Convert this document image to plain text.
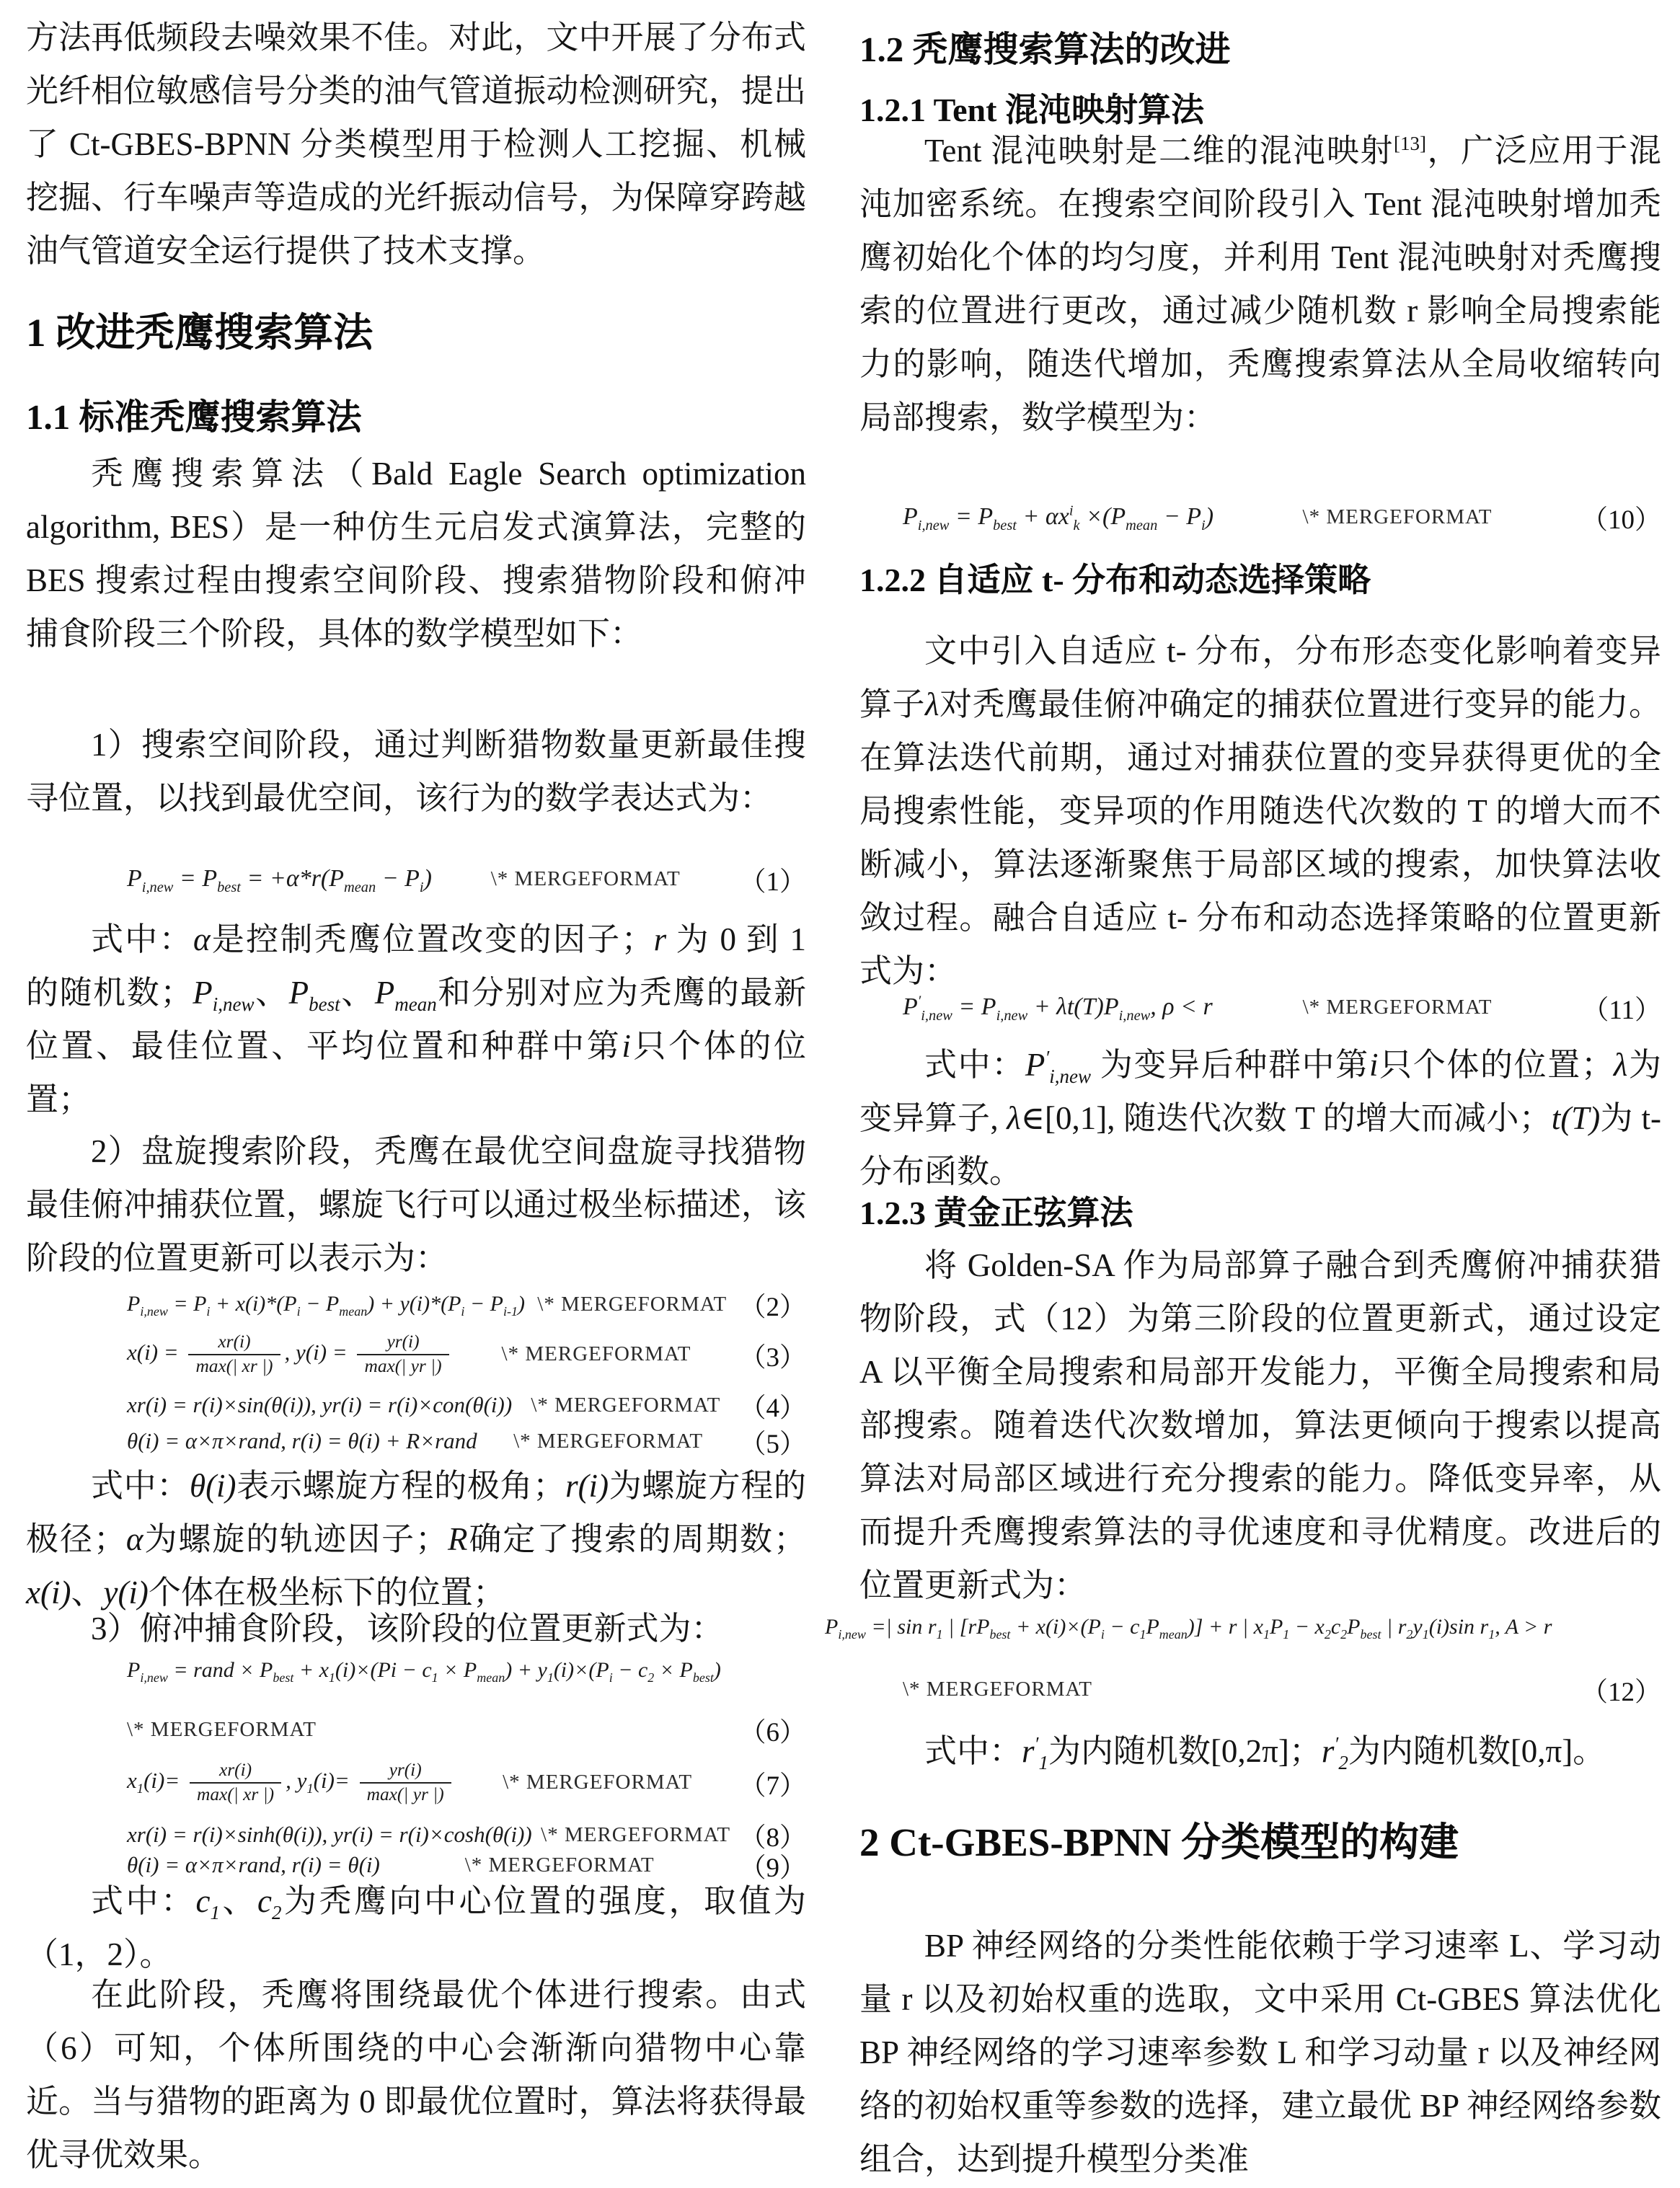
方法再低频段去噪效果不佳。对此，文中开展了分布式光纤相位敏感信号分类的油气管道振动检测研究，提出了 Ct-GBES-BPNN 分类模型用于检测人工挖掘、机械挖掘、行车噪声等造成的光纤振动信号，为保障穿跨越油气管道安全运行提供了技术支撑。

1 改进秃鹰搜索算法
1.1 标准秃鹰搜索算法

秃鹰搜索算法（Bald Eagle Search optimization algorithm, BES）是一种仿生元启发式演算法，完整的 BES 搜索过程由搜索空间阶段、搜索猎物阶段和俯冲捕食阶段三个阶段，具体的数学模型如下：

1）搜索空间阶段，通过判断猎物数量更新最佳搜寻位置，以找到最优空间，该行为的数学表达式为：

$P_{i,new} = P_{best} = +\alpha*r(P_{mean} - P_i)$	\* MERGEFORMAT （1）

式中：α是控制秃鹰位置改变的因子；r 为 0 到 1 的随机数；$P_{i,new}$、$P_{best}$、$P_{mean}$和分别对应为秃鹰的最新位置、最佳位置、平均位置和种群中第i只个体的位置；

2）盘旋搜索阶段，秃鹰在最优空间盘旋寻找猎物最佳俯冲捕获位置，螺旋飞行可以通过极坐标描述，该阶段的位置更新可以表示为：

$P_{i,new} = P_i + x(i)*(P_i - P_{mean}) + y(i)*(P_i - P_{i-1})$ \* MERGEFORMAT （2）
$x(i) = \frac{xr(i)}{\max(| xr |)}$ , $y(i) = \frac{yr(i)}{\max(| yr |)}$	\* MERGEFORMAT （3）
xr(i) = r(i)×sin(θ(i)), yr(i) = r(i)×con(θ(i)) \* MERGEFORMAT （4）
θ(i) = α×π×rand, r(i) = θ(i) + R×rand \* MERGEFORMAT （5）

式中：θ(i)表示螺旋方程的极角；r(i)为螺旋方程的极径；α为螺旋的轨迹因子；R确定了搜索的周期数；x(i)、y(i)个体在极坐标下的位置；

3）俯冲捕食阶段，该阶段的位置更新式为：

$P_{i,new}$ = rand × $P_{best} + x_1(i)\times(Pi - c_1 \times P_{mean}) + y_1(i)\times(P_i - c_2 \times P_{best})$
\* MERGEFORMAT	（6）
$x_1(i)= \frac{xr(i)}{\max(| xr |)}$ , $y_1(i)= \frac{yr(i)}{\max(| yr |)}$ \* MERGEFORMAT （7）
xr(i) = r(i)×sinh(θ(i)), yr(i) = r(i)×cosh(θ(i)) \* MERGEFORMAT （8）
θ(i) = α×π×rand, r(i) = θ(i)	\* MERGEFORMAT	（9）

式中：$c_1$、$c_2$为秃鹰向中心位置的强度，取值为（1，2）。

在此阶段，秃鹰将围绕最优个体进行搜索。由式（6）可知，个体所围绕的中心会渐渐向猎物中心靠近。当与猎物的距离为 0 即最优位置时，算法将获得最优寻优效果。

1.2 秃鹰搜索算法的改进
1.2.1 Tent 混沌映射算法

Tent 混沌映射是二维的混沌映射[13]，广泛应用于混沌加密系统。在搜索空间阶段引入 Tent 混沌映射增加秃鹰初始化个体的均匀度，并利用 Tent 混沌映射对秃鹰搜索的位置进行更改，通过减少随机数 r 影响全局搜索能力的影响，随迭代增加，秃鹰搜索算法从全局收缩转向局部搜索，数学模型为：

$P_{i,new} = P_{best} + \alpha x^i_k \times(P_{mean} - P_i)$	\* MERGEFORMAT	（10）
1.2.2 自适应 t- 分布和动态选择策略

文中引入自适应 t- 分布，分布形态变化影响着变异算子λ对秃鹰最佳俯冲确定的捕获位置进行变异的能力。在算法迭代前期，通过对捕获位置的变异获得更优的全局搜索性能，变异项的作用随迭代次数的 T 的增大而不断减小，算法逐渐聚焦于局部区域的搜索，加快算法收敛过程。融合自适应 t- 分布和动态选择策略的位置更新式为：

$P'_{i,new} = P_{i,new} + \lambda t(T)P_{i,new}$, ρ < r	\* MERGEFORMAT	（11）

式中：$P'_{i,new}$ 为变异后种群中第i只个体的位置；λ为变异算子, λ∈[0,1], 随迭代次数 T 的增大而减小；t(T)为 t- 分布函数。

1.2.3 黄金正弦算法

将 Golden-SA 作为局部算子融合到秃鹰俯冲捕获猎物阶段，式（12）为第三阶段的位置更新式，通过设定 A 以平衡全局搜索和局部开发能力，平衡全局搜索和局部搜索。随着迭代次数增加，算法更倾向于搜索以提高算法对局部区域进行充分搜索的能力。降低变异率，从而提升秃鹰搜索算法的寻优速度和寻优精度。改进后的位置更新式为：

$P_{i,new}$ =| $\sin r_1$ | $[rP_{best} + x(i)\times(P_i - c_1P_{mean})] + r$ | $x_1P_1 - x_2c_2P_{best}$ | $r_2y_1(i)\sin$ $r_1$, A > r
\* MERGEFORMAT	（12）

式中：$r'_1$为内随机数[0,2π]；$r'_2$为内随机数[0,π]。

2 Ct-GBES-BPNN 分类模型的构建

BP 神经网络的分类性能依赖于学习速率 L、学习动量 r 以及初始权重的选取，文中采用 Ct-GBES 算法优化 BP 神经网络的学习速率参数 L 和学习动量 r 以及神经网络的初始权重等参数的选择，建立最优 BP 神经网络参数组合，达到提升模型分类准
